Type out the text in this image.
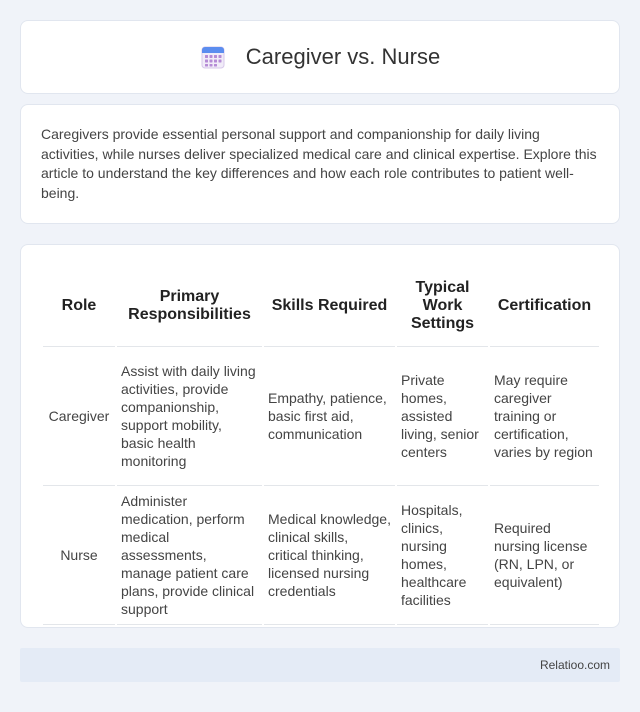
Caregiver vs. Nurse

Caregivers provide essential personal support and companionship for daily living activities, while nurses deliver specialized medical care and clinical expertise. Explore this article to understand the key differences and how each role contributes to patient well-being.

Role		Primary Responsibilities		Skills Required		Typical Work Settings		Certification
Caregiver		Assist with daily living activities, provide companionship, support mobility, basic health monitoring		Empathy, patience, basic first aid, communication		Private homes, assisted living, senior centers		May require caregiver training or certification, varies by region
Nurse		Administer medication, perform medical assessments, manage patient care plans, provide clinical support		Medical knowledge, clinical skills, critical thinking, licensed nursing credentials		Hospitals, clinics, nursing homes, healthcare facilities		Required nursing license (RN, LPN, or equivalent)
Relatioo.com
